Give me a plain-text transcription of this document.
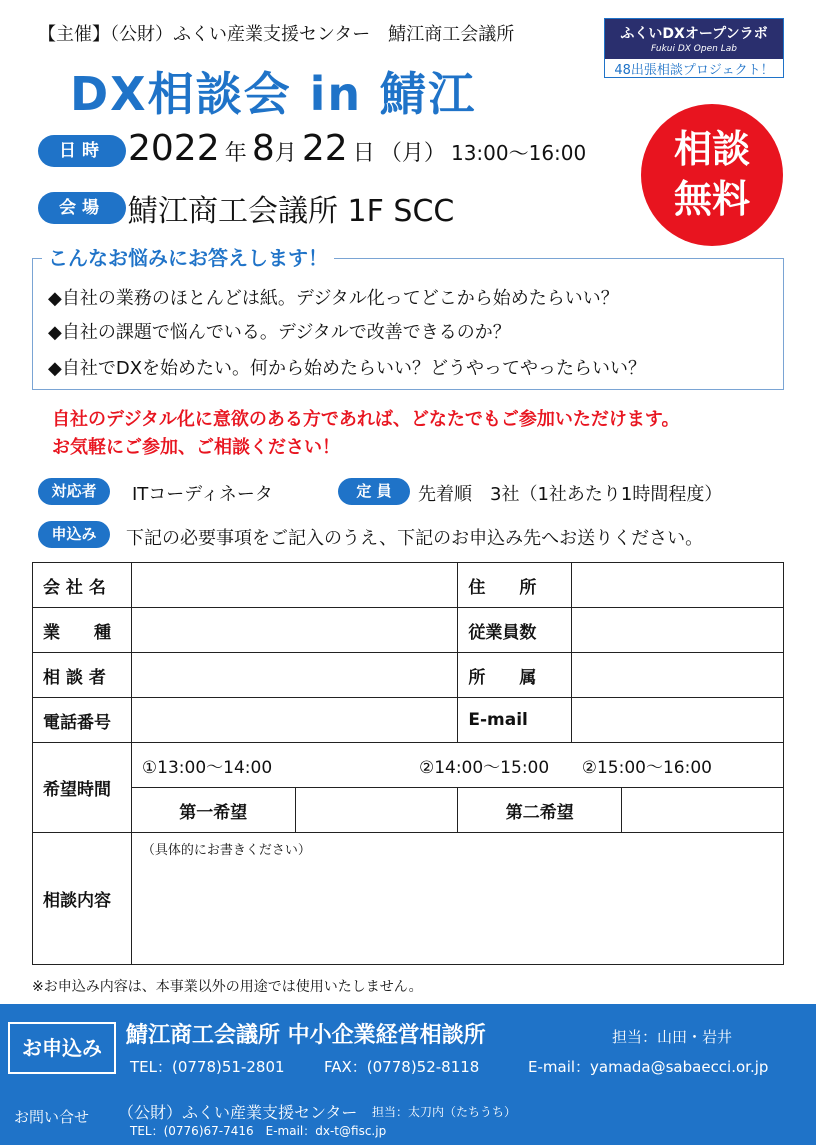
【主催】（公財）ふくい産業支援センター　鯖江商工会議所
DX相談会 in 鯖江
ふくいDXオープンラボ
Fukui DX Open Lab
48出張相談プロジェクト！
日時 2022 年 8月 22 日 （月） 13:00～16:00
会場 鯖江商工会議所 1F SCC
相談
無料
こんなお悩みにお答えします！
◆自社の業務のほとんどは紙。デジタル化ってどこから始めたらいい？
◆自社の課題で悩んでいる。デジタルで改善できるのか？
◆自社でDXを始めたい。何から始めたらいい？どうやってやったらいい？
自社のデジタル化に意欲のある方であれば、どなたでもご参加いただけます。
お気軽にご参加、ご相談ください！
対応者	ITコーディネータ	定 員	先着順　3社（1社あたり1時間程度）
申込み	下記の必要事項をご記入のうえ、下記のお申込み先へお送りください。
会 社 名				住　　所		
業　　種				従業員数		
相 談 者				所　　属		
電話番号				E-mail		
希望時間	①13:00～14:00		②14:00～15:00		②15:00～16:00	
	第一希望			第二希望		
相談内容	（具体的にお書きください）					
※お申込み内容は、本事業以外の用途では使用いたしません。
お申込み	鯖江商工会議所 中小企業経営相談所	担当：山田・岩井
TEL：(0778)51-2801	FAX：(0778)52-8118	E-mail：yamada@sabaecci.or.jp
お問い合せ （公財）ふくい産業支援センター 担当：太刀内（たちうち）
TEL：(0776)67-7416　E-mail：dx-t@fisc.jp
